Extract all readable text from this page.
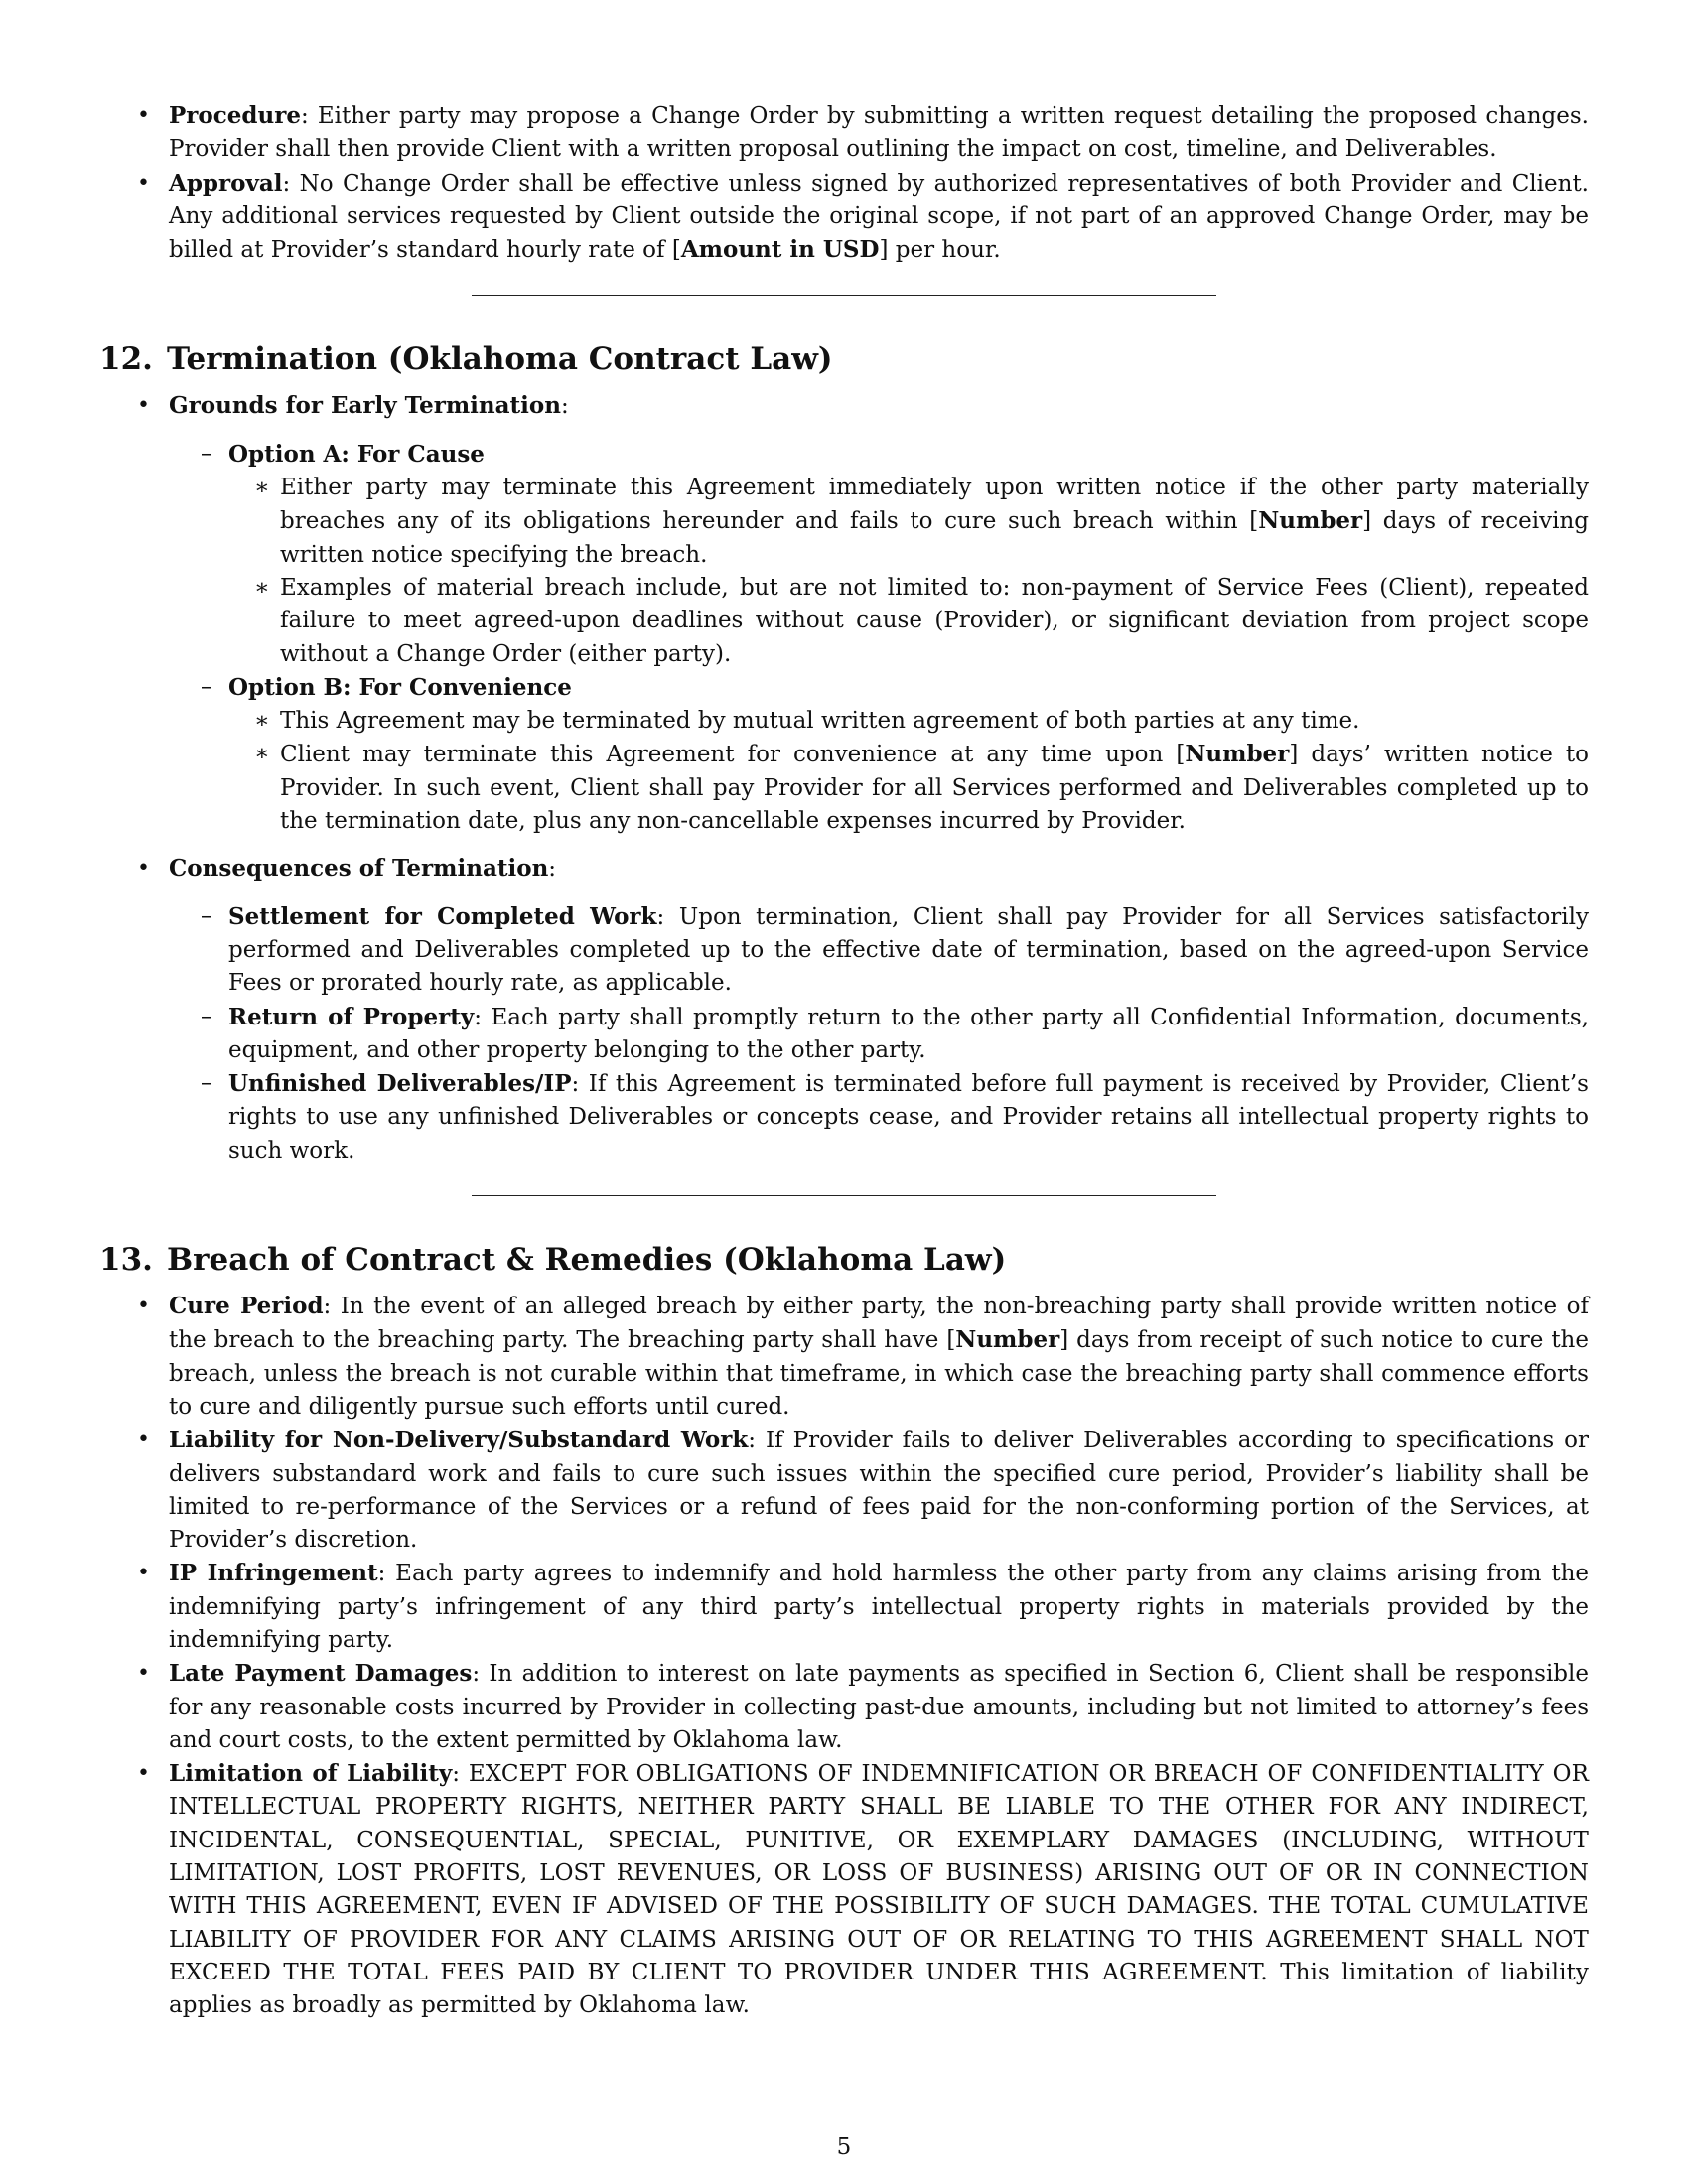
• Procedure: Either party may propose a Change Order by submitting a written request detailing the proposed changes. Provider shall then provide Client with a written proposal outlining the impact on cost, timeline, and Deliverables.
• Approval: No Change Order shall be effective unless signed by authorized representatives of both Provider and Client. Any additional services requested by Client outside the original scope, if not part of an approved Change Order, may be billed at Provider’s standard hourly rate of [Amount in USD] per hour.
12. Termination (Oklahoma Contract Law)
• Grounds for Early Termination:
– Option A: For Cause
∗ Either party may terminate this Agreement immediately upon written notice if the other party materially breaches any of its obligations hereunder and fails to cure such breach within [Number] days of receiving written notice specifying the breach.
∗ Examples of material breach include, but are not limited to: non-payment of Service Fees (Client), repeated failure to meet agreed-upon deadlines without cause (Provider), or significant deviation from project scope without a Change Order (either party).
– Option B: For Convenience
∗ This Agreement may be terminated by mutual written agreement of both parties at any time.
∗ Client may terminate this Agreement for convenience at any time upon [Number] days’ written notice to Provider. In such event, Client shall pay Provider for all Services performed and Deliverables completed up to the termination date, plus any non-cancellable expenses incurred by Provider.
• Consequences of Termination:
– Settlement for Completed Work: Upon termination, Client shall pay Provider for all Services satisfactorily performed and Deliverables completed up to the effective date of termination, based on the agreed-upon Service Fees or prorated hourly rate, as applicable.
– Return of Property: Each party shall promptly return to the other party all Confidential Information, documents, equipment, and other property belonging to the other party.
– Unfinished Deliverables/IP: If this Agreement is terminated before full payment is received by Provider, Client’s rights to use any unfinished Deliverables or concepts cease, and Provider retains all intellectual property rights to such work.
13. Breach of Contract & Remedies (Oklahoma Law)
• Cure Period: In the event of an alleged breach by either party, the non-breaching party shall provide written notice of the breach to the breaching party. The breaching party shall have [Number] days from receipt of such notice to cure the breach, unless the breach is not curable within that timeframe, in which case the breaching party shall commence efforts to cure and diligently pursue such efforts until cured.
• Liability for Non-Delivery/Substandard Work: If Provider fails to deliver Deliverables according to specifications or delivers substandard work and fails to cure such issues within the specified cure period, Provider’s liability shall be limited to re-performance of the Services or a refund of fees paid for the non-conforming portion of the Services, at Provider’s discretion.
• IP Infringement: Each party agrees to indemnify and hold harmless the other party from any claims arising from the indemnifying party’s infringement of any third party’s intellectual property rights in materials provided by the indemnifying party.
• Late Payment Damages: In addition to interest on late payments as specified in Section 6, Client shall be responsible for any reasonable costs incurred by Provider in collecting past-due amounts, including but not limited to attorney’s fees and court costs, to the extent permitted by Oklahoma law.
• Limitation of Liability: EXCEPT FOR OBLIGATIONS OF INDEMNIFICATION OR BREACH OF CONFIDENTIALITY OR INTELLECTUAL PROPERTY RIGHTS, NEITHER PARTY SHALL BE LIABLE TO THE OTHER FOR ANY INDIRECT, INCIDENTAL, CONSEQUENTIAL, SPECIAL, PUNITIVE, OR EXEMPLARY DAMAGES (INCLUDING, WITHOUT LIMITATION, LOST PROFITS, LOST REVENUES, OR LOSS OF BUSINESS) ARISING OUT OF OR IN CONNECTION WITH THIS AGREEMENT, EVEN IF ADVISED OF THE POSSIBILITY OF SUCH DAMAGES. THE TOTAL CUMULATIVE LIABILITY OF PROVIDER FOR ANY CLAIMS ARISING OUT OF OR RELATING TO THIS AGREEMENT SHALL NOT EXCEED THE TOTAL FEES PAID BY CLIENT TO PROVIDER UNDER THIS AGREEMENT. This limitation of liability applies as broadly as permitted by Oklahoma law.
5
